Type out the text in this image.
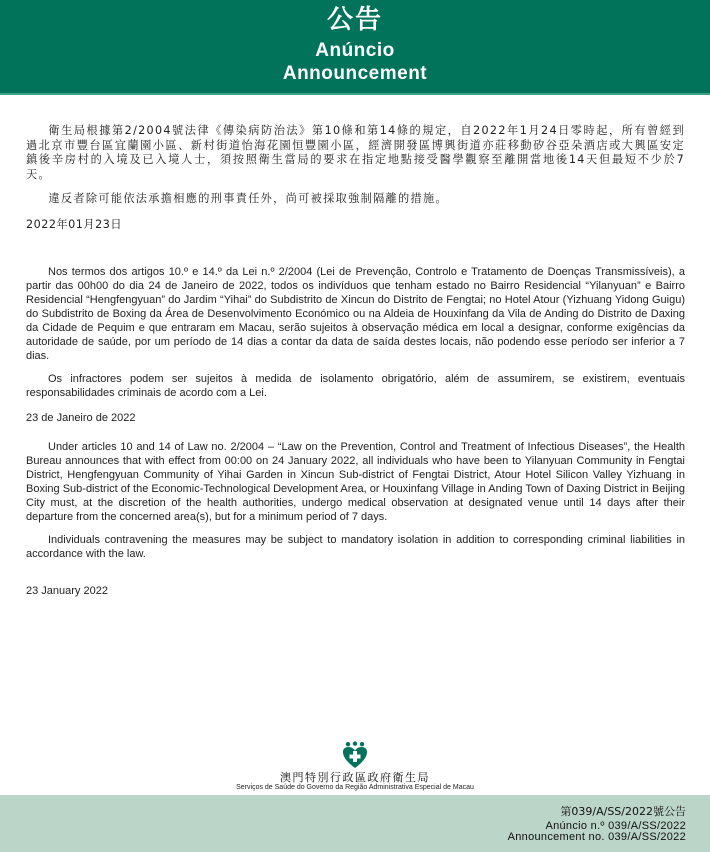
公告
Anúncio
Announcement

衛生局根據第2/2004號法律《傳染病防治法》第10條和第14條的規定，自2022年1月24日零時起，所有曾經到過北京市豐台區宜蘭園小區、新村街道怡海花園恒豐園小區，經濟開發區博興街道亦莊移動矽谷亞朵酒店或大興區安定鎮後辛房村的入境及已入境人士，須按照衛生當局的要求在指定地點接受醫學觀察至離開當地後14天但最短不少於7天。

違反者除可能依法承擔相應的刑事責任外，尚可被採取強制隔離的措施。

2022年01月23日

Nos termos dos artigos 10.º e 14.º da Lei n.º 2/2004 (Lei de Prevenção, Controlo e Tratamento de Doenças Transmissíveis), a partir das 00h00 do dia 24 de Janeiro de 2022, todos os indivíduos que tenham estado no Bairro Residencial “Yilanyuan” e Bairro Residencial “Hengfengyuan” do Jardim “Yihai” do Subdistrito de Xincun do Distrito de Fengtai; no Hotel Atour (Yizhuang Yidong Guigu) do Subdistrito de Boxing da Área de Desenvolvimento Económico ou na Aldeia de Houxinfang da Vila de Anding do Distrito de Daxing da Cidade de Pequim e que entraram em Macau, serão sujeitos à observação médica em local a designar, conforme exigências da autoridade de saúde, por um período de 14 dias a contar da data de saída destes locais, não podendo esse período ser inferior a 7 dias.

Os infractores podem ser sujeitos à medida de isolamento obrigatório, além de assumirem, se existirem, eventuais responsabilidades criminais de acordo com a Lei.

23 de Janeiro de 2022

Under articles 10 and 14 of Law no. 2/2004 – “Law on the Prevention, Control and Treatment of Infectious Diseases”, the Health Bureau announces that with effect from 00:00 on 24 January 2022, all individuals who have been to Yilanyuan Community in Fengtai District, Hengfengyuan Community of Yihai Garden in Xincun Sub-district of Fengtai District, Atour Hotel Silicon Valley Yizhuang in Boxing Sub-district of the Economic-Technological Development Area, or Houxinfang Village in Anding Town of Daxing District in Beijing City must, at the discretion of the health authorities, undergo medical observation at designated venue until 14 days after their departure from the concerned area(s), but for a minimum period of 7 days.

Individuals contravening the measures may be subject to mandatory isolation in addition to corresponding criminal liabilities in accordance with the law.

23 January 2022

澳門特別行政區政府衛生局
Serviços de Saúde do Governo da Região Administrativa Especial de Macau
第039/A/SS/2022號公告
Anúncio n.º 039/A/SS/2022
Announcement no. 039/A/SS/2022
